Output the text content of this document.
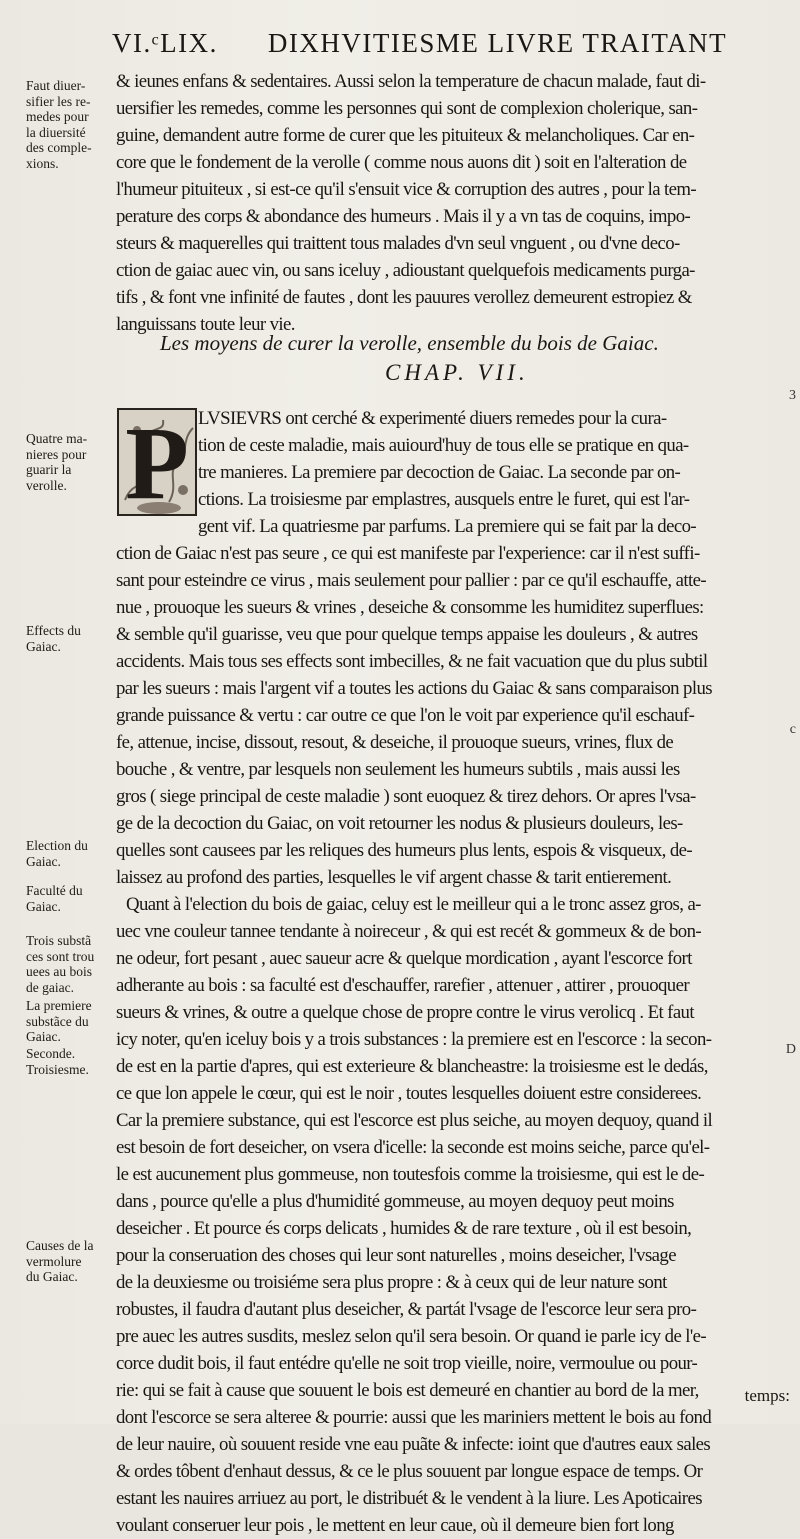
VI.ᶜLIX. DIXHVITIESME LIVRE TRAITANT
Faut diuer-
sifier les re-
medes pour
la diuersité
des comple-
xions.
Quatre ma-
nieres pour
guarir la
verolle.
Effects du
Gaiac.
Election du
Gaiac.
Faculté du
Gaiac.
Trois substã
ces sont trou
uees au bois
de gaiac.
La premiere
substãce du
Gaiac.
Seconde.
Troisiesme.
Causes de la
vermolure
du Gaiac.
3
c
D
& ieunes enfans & sedentaires. Aussi selon la temperature de chacun malade, faut di-
uersifier les remedes, comme les personnes qui sont de complexion cholerique, san-
guine, demandent autre forme de curer que les pituiteux & melancholiques. Car en-
core que le fondement de la verolle ( comme nous auons dit ) soit en l'alteration de
l'humeur pituiteux , si est-ce qu'il s'ensuit vice & corruption des autres , pour la tem-
perature des corps & abondance des humeurs . Mais il y a vn tas de coquins, impo-
steurs & maquerelles qui traittent tous malades d'vn seul vnguent , ou d'vne deco-
ction de gaiac auec vin, ou sans iceluy , adioustant quelquefois medicaments purga-
tifs , & font vne infinité de fautes , dont les pauures verollez demeurent estropiez &
languissans toute leur vie.
Les moyens de curer la verolle, ensemble du bois de Gaiac.
CHAP. VII.
P LVSIEVRS ont cerché & experimenté diuers remedes pour la cura-
tion de ceste maladie, mais auiourd'huy de tous elle se pratique en qua-
tre manieres. La premiere par decoction de Gaiac. La seconde par on-
ctions. La troisiesme par emplastres, ausquels entre le furet, qui est l'ar-
gent vif. La quatriesme par parfums. La premiere qui se fait par la deco-
ction de Gaiac n'est pas seure , ce qui est manifeste par l'experience: car il n'est suffi-
sant pour esteindre ce virus , mais seulement pour pallier : par ce qu'il eschauffe, atte-
nue , prouoque les sueurs & vrines , deseiche & consomme les humiditez superflues:
& semble qu'il guarisse, veu que pour quelque temps appaise les douleurs , & autres
accidents. Mais tous ses effects sont imbecilles, & ne fait vacuation que du plus subtil
par les sueurs : mais l'argent vif a toutes les actions du Gaiac & sans comparaison plus
grande puissance & vertu : car outre ce que l'on le voit par experience qu'il eschauf-
fe, attenue, incise, dissout, resout, & deseiche, il prouoque sueurs, vrines, flux de
bouche , & ventre, par lesquels non seulement les humeurs subtils , mais aussi les
gros ( siege principal de ceste maladie ) sont euoquez & tirez dehors. Or apres l'vsa-
ge de la decoction du Gaiac, on voit retourner les nodus & plusieurs douleurs, les-
quelles sont causees par les reliques des humeurs plus lents, espois & visqueux, de-
laissez au profond des parties, lesquelles le vif argent chasse & tarit entierement.
Quant à l'election du bois de gaiac, celuy est le meilleur qui a le tronc assez gros, a-
uec vne couleur tannee tendante à noireceur , & qui est recét & gommeux & de bon-
ne odeur, fort pesant , auec saueur acre & quelque mordication , ayant l'escorce fort
adherante au bois : sa faculté est d'eschauffer, rarefier , attenuer , attirer , prouoquer
sueurs & vrines, & outre a quelque chose de propre contre le virus verolicq . Et faut
icy noter, qu'en iceluy bois y a trois substances : la premiere est en l'escorce : la secon-
de est en la partie d'apres, qui est exterieure & blancheastre: la troisiesme est le dedás,
ce que lon appele le cœur, qui est le noir , toutes lesquelles doiuent estre considerees.
Car la premiere substance, qui est l'escorce est plus seiche, au moyen dequoy, quand il
est besoin de fort deseicher, on vsera d'icelle: la seconde est moins seiche, parce qu'el-
le est aucunement plus gommeuse, non toutesfois comme la troisiesme, qui est le de-
dans , pource qu'elle a plus d'humidité gommeuse, au moyen dequoy peut moins
deseicher . Et pource és corps delicats , humides & de rare texture , où il est besoin,
pour la conseruation des choses qui leur sont naturelles , moins deseicher, l'vsage
de la deuxiesme ou troisiéme sera plus propre : & à ceux qui de leur nature sont
robustes, il faudra d'autant plus deseicher, & partát l'vsage de l'escorce leur sera pro-
pre auec les autres susdits, meslez selon qu'il sera besoin. Or quand ie parle icy de l'e-
corce dudit bois, il faut entédre qu'elle ne soit trop vieille, noire, vermoulue ou pour-
rie: qui se fait à cause que souuent le bois est demeuré en chantier au bord de la mer,
dont l'escorce se sera alteree & pourrie: aussi que les mariniers mettent le bois au fond
de leur nauire, où souuent reside vne eau puãte & infecte: ioint que d'autres eaux sales
& ordes tôbent d'enhaut dessus, & ce le plus souuent par longue espace de temps. Or
estant les nauires arriuez au port, le distribuét & le vendent à la liure. Les Apoticaires
voulant conseruer leur pois , le mettent en leur caue, où il demeure bien fort long
temps:
